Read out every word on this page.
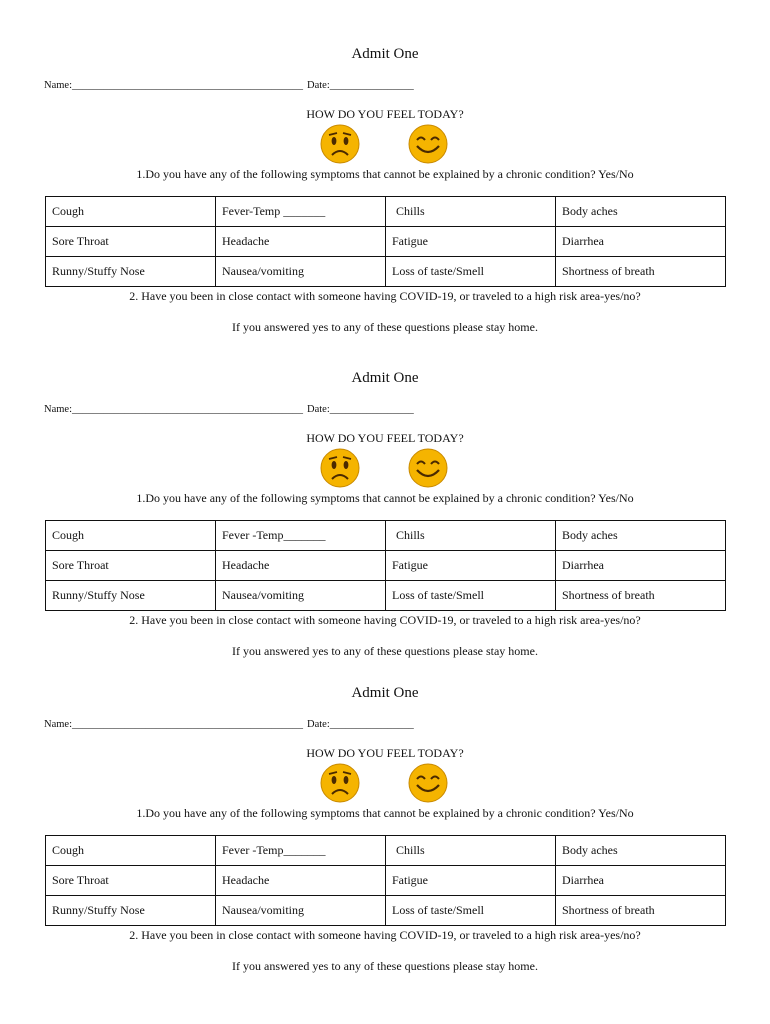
Admit One
Name:____________________________________________ Date:________________
HOW DO YOU FEEL TODAY?
1.Do you have any of the following symptoms that cannot be explained by a chronic condition? Yes/No
Cough	Fever-Temp _______	Chills	Body aches
Sore Throat	Headache	Fatigue	Diarrhea
Runny/Stuffy Nose	Nausea/vomiting	Loss of taste/Smell	Shortness of breath
2. Have you been in close contact with someone having COVID-19, or traveled to a high risk area-yes/no?
If you answered yes to any of these questions please stay home.
Admit One
Name:____________________________________________ Date:________________
HOW DO YOU FEEL TODAY?
1.Do you have any of the following symptoms that cannot be explained by a chronic condition? Yes/No
Cough	Fever -Temp_______	Chills	Body aches
Sore Throat	Headache	Fatigue	Diarrhea
Runny/Stuffy Nose	Nausea/vomiting	Loss of taste/Smell	Shortness of breath
2. Have you been in close contact with someone having COVID-19, or traveled to a high risk area-yes/no?
If you answered yes to any of these questions please stay home.
Admit One
Name:____________________________________________ Date:________________
HOW DO YOU FEEL TODAY?
1.Do you have any of the following symptoms that cannot be explained by a chronic condition? Yes/No
Cough	Fever -Temp_______	Chills	Body aches
Sore Throat	Headache	Fatigue	Diarrhea
Runny/Stuffy Nose	Nausea/vomiting	Loss of taste/Smell	Shortness of breath
2. Have you been in close contact with someone having COVID-19, or traveled to a high risk area-yes/no?
If you answered yes to any of these questions please stay home.
